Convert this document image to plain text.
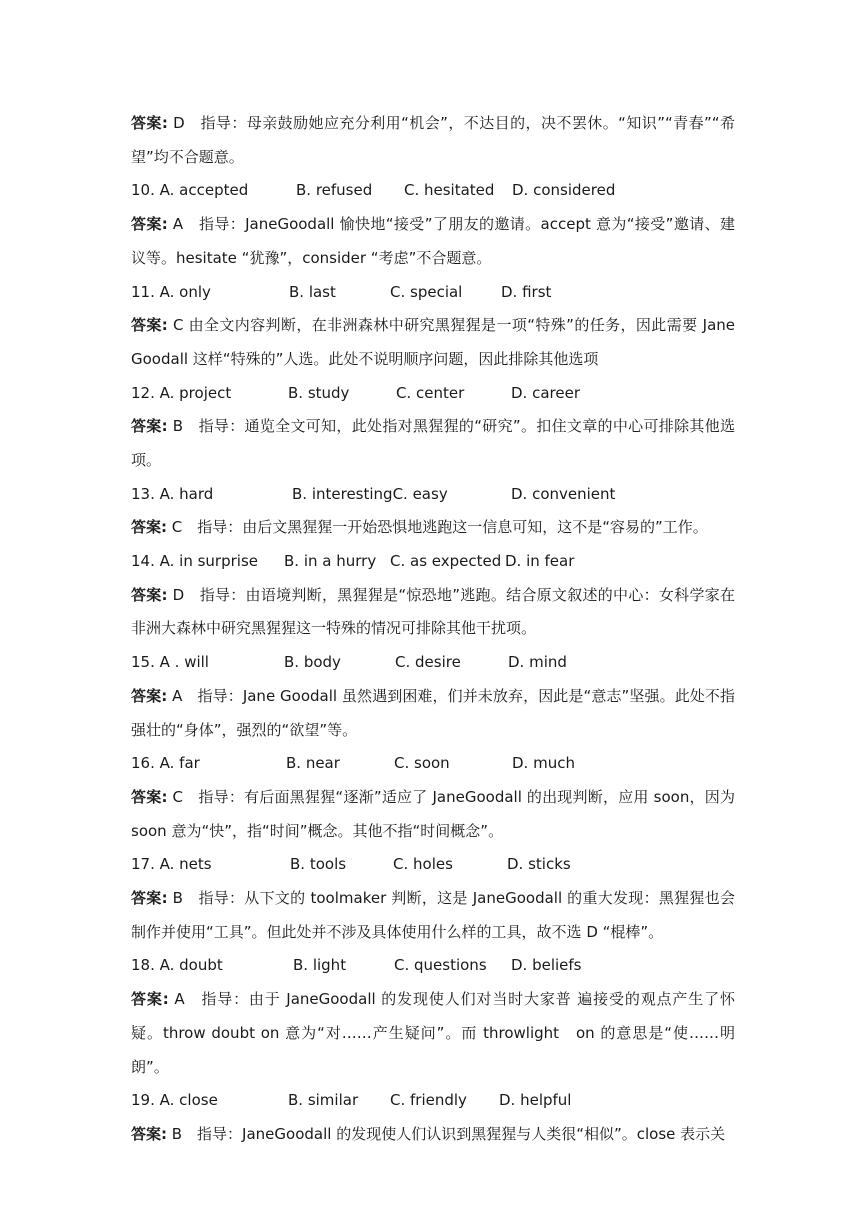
答案: D　指导：母亲鼓励她应充分利用“机会”，不达目的，决不罢休。“知识”“青春”“希望”均不合题意。
10. A. accepted	B. refused C. hesitated D. considered
答案: A　指导：JaneGoodall 愉快地“接受”了朋友的邀请。accept 意为“接受”邀请、建议等。hesitate “犹豫”，consider “考虑”不合题意。
11. A. only	B. last	C. special	D. first
答案: C 由全文内容判断，在非洲森林中研究黑猩猩是一项“特殊”的任务，因此需要 Jane Goodall 这样“特殊的”人选。此处不说明顺序问题，因此排除其他选项
12. A. project	B. study	C. center	D. career
答案: B　指导：通览全文可知，此处指对黑猩猩的“研究”。扣住文章的中心可排除其他选项。
13. A. hard	B. interestingC. easy	D. convenient
答案: C　指导：由后文黑猩猩一开始恐惧地逃跑这一信息可知，这不是“容易的”工作。
14. A. in surprise B. in a hurry C. as expected D. in fear
答案: D　指导：由语境判断，黑猩猩是“惊恐地”逃跑。结合原文叙述的中心：女科学家在非洲大森林中研究黑猩猩这一特殊的情况可排除其他干扰项。
15. A . will	B. body	C. desire	D. mind
答案: A　指导：Jane Goodall 虽然遇到困难，们并未放弃，因此是“意志”坚强。此处不指强壮的“身体”，强烈的“欲望”等。
16. A. far	B. near	C. soon	D. much
答案: C　指导：有后面黑猩猩“逐渐”适应了 JaneGoodall 的出现判断，应用 soon，因为 soon 意为“快”，指“时间”概念。其他不指“时间概念”。
17. A. nets	B. tools	C. holes	D. sticks
答案: B　指导：从下文的 toolmaker 判断，这是 JaneGoodall 的重大发现：黑猩猩也会制作并使用“工具”。但此处并不涉及具体使用什么样的工具，故不选 D “棍棒”。
18. A. doubt	B. light	C. questions D. beliefs
答案: A　指导：由于 JaneGoodall 的发现使人们对当时大家普 遍接受的观点产生了怀疑。throw doubt on 意为“对……产生疑问”。而 throwlight　on 的意思是“使……明朗”。
19. A. close	B. similar C. friendly D. helpful
答案: B　指导：JaneGoodall 的发现使人们认识到黑猩猩与人类很“相似”。close 表示关
